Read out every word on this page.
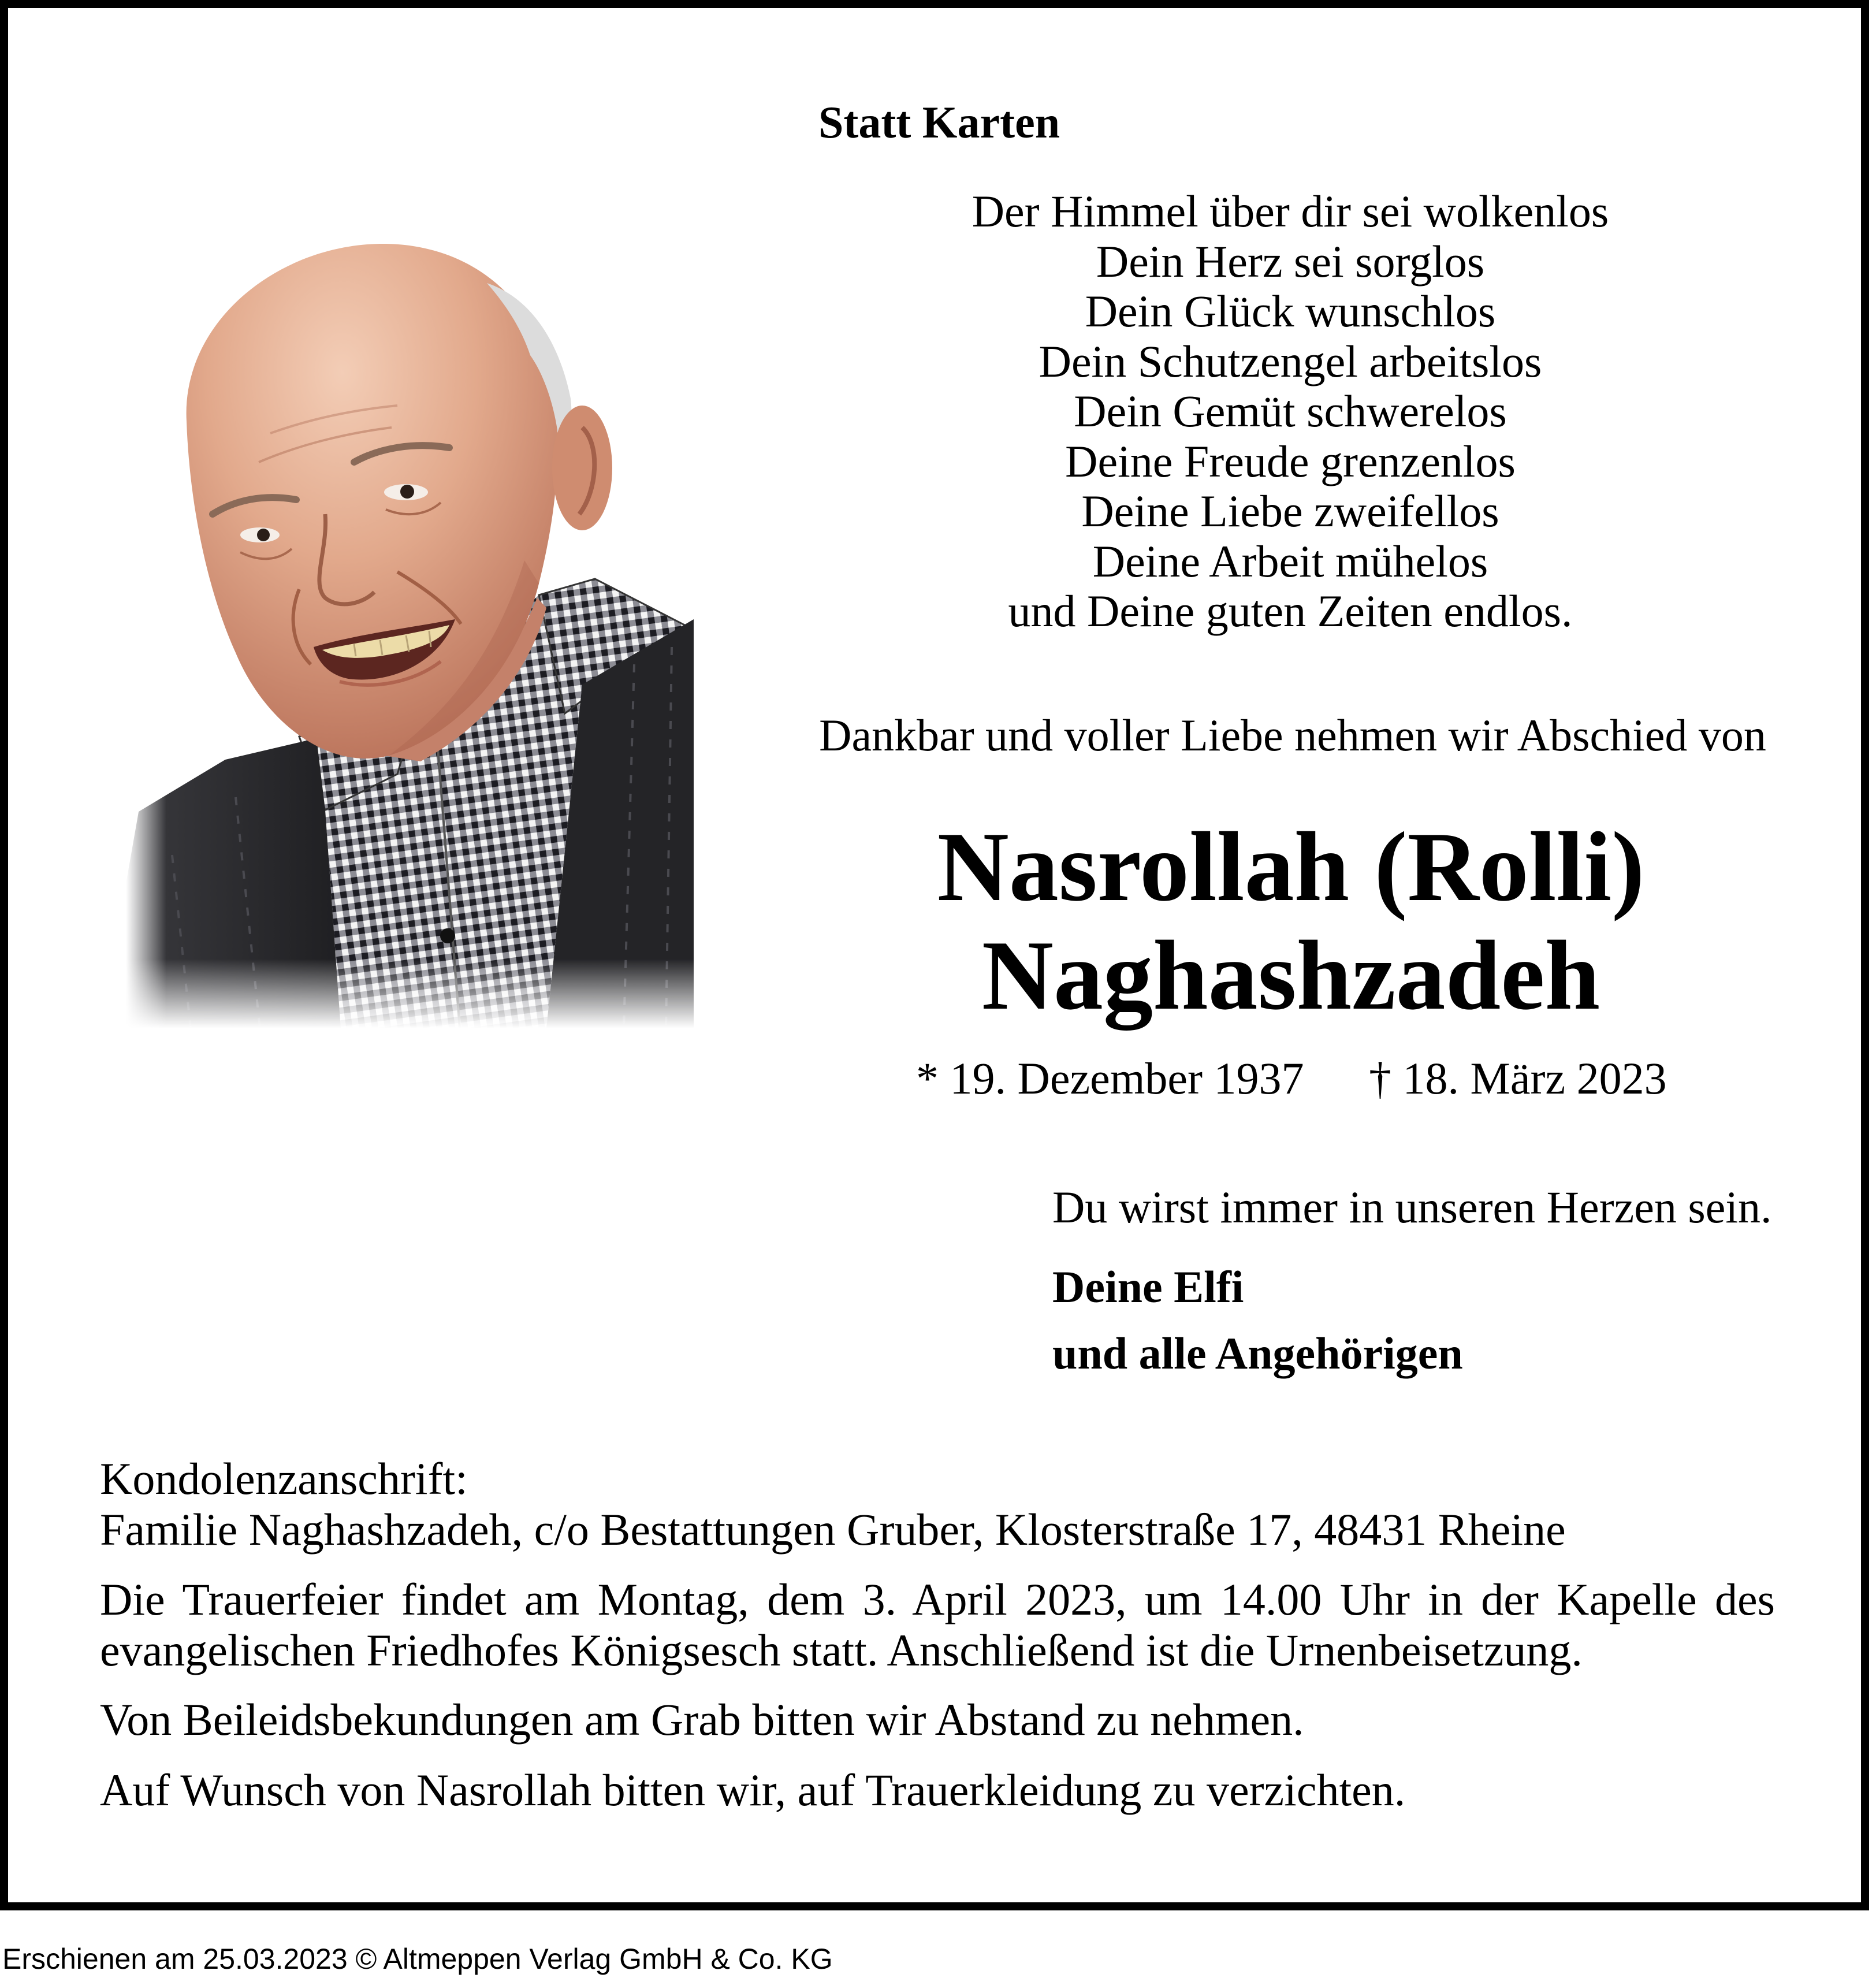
Statt Karten
Der Himmel über dir sei wolkenlos
Dein Herz sei sorglos
Dein Glück wunschlos
Dein Schutzengel arbeitslos
Dein Gemüt schwerelos
Deine Freude grenzenlos
Deine Liebe zweifellos
Deine Arbeit mühelos
und Deine guten Zeiten endlos.
Dankbar und voller Liebe nehmen wir Abschied von
Nasrollah (Rolli)
Naghashzadeh
* 19. Dezember 1937 † 18. März 2023
Du wirst immer in unseren Herzen sein.
Deine Elfi
und alle Angehörigen
Kondolenzanschrift:
Familie Naghashzadeh, c/o Bestattungen Gruber, Klosterstraße 17, 48431 Rheine
Die Trauerfeier findet am Montag, dem 3. April 2023, um 14.00 Uhr in der Kapelle des
evangelischen Friedhofes Königsesch statt. Anschließend ist die Urnenbeisetzung.
Von Beileidsbekundungen am Grab bitten wir Abstand zu nehmen.
Auf Wunsch von Nasrollah bitten wir, auf Trauerkleidung zu verzichten.
Erschienen am 25.03.2023 © Altmeppen Verlag GmbH & Co. KG
